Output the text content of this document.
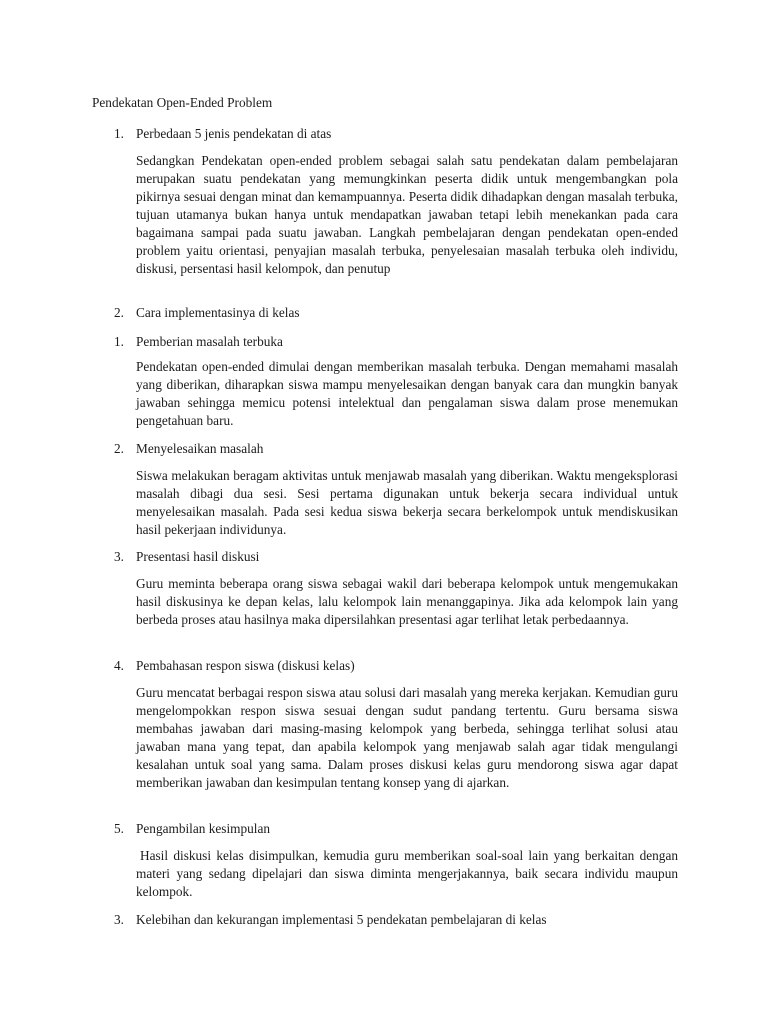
Pendekatan Open-Ended Problem
1. Perbedaan 5 jenis pendekatan di atas

Sedangkan Pendekatan open-ended problem sebagai salah satu pendekatan dalam pembelajaran merupakan suatu pendekatan yang memungkinkan peserta didik untuk mengembangkan pola pikirnya sesuai dengan minat dan kemampuannya. Peserta didik dihadapkan dengan masalah terbuka, tujuan utamanya bukan hanya untuk mendapatkan jawaban tetapi lebih menekankan pada cara bagaimana sampai pada suatu jawaban. Langkah pembelajaran dengan pendekatan open-ended problem yaitu orientasi, penyajian masalah terbuka, penyelesaian masalah terbuka oleh individu, diskusi, persentasi hasil kelompok, dan penutup

2. Cara implementasinya di kelas
1. Pemberian masalah terbuka

Pendekatan open-ended dimulai dengan memberikan masalah terbuka. Dengan memahami masalah yang diberikan, diharapkan siswa mampu menyelesaikan dengan banyak cara dan mungkin banyak jawaban sehingga memicu potensi intelektual dan pengalaman siswa dalam prose menemukan pengetahuan baru.

2. Menyelesaikan masalah

Siswa melakukan beragam aktivitas untuk menjawab masalah yang diberikan. Waktu mengeksplorasi masalah dibagi dua sesi. Sesi pertama digunakan untuk bekerja secara individual untuk menyelesaikan masalah. Pada sesi kedua siswa bekerja secara berkelompok untuk mendiskusikan hasil pekerjaan individunya.

3. Presentasi hasil diskusi

Guru meminta beberapa orang siswa sebagai wakil dari beberapa kelompok untuk mengemukakan hasil diskusinya ke depan kelas, lalu kelompok lain menanggapinya. Jika ada kelompok lain yang berbeda proses atau hasilnya maka dipersilahkan presentasi agar terlihat letak perbedaannya.

4. Pembahasan respon siswa (diskusi kelas)

Guru mencatat berbagai respon siswa atau solusi dari masalah yang mereka kerjakan. Kemudian guru mengelompokkan respon siswa sesuai dengan sudut pandang tertentu. Guru bersama siswa membahas jawaban dari masing-masing kelompok yang berbeda, sehingga terlihat solusi atau jawaban mana yang tepat, dan apabila kelompok yang menjawab salah agar tidak mengulangi kesalahan untuk soal yang sama. Dalam proses diskusi kelas guru mendorong siswa agar dapat memberikan jawaban dan kesimpulan tentang konsep yang di ajarkan.

5. Pengambilan kesimpulan

Hasil diskusi kelas disimpulkan, kemudia guru memberikan soal-soal lain yang berkaitan dengan materi yang sedang dipelajari dan siswa diminta mengerjakannya, baik secara individu maupun kelompok.

3. Kelebihan dan kekurangan implementasi 5 pendekatan pembelajaran di kelas
